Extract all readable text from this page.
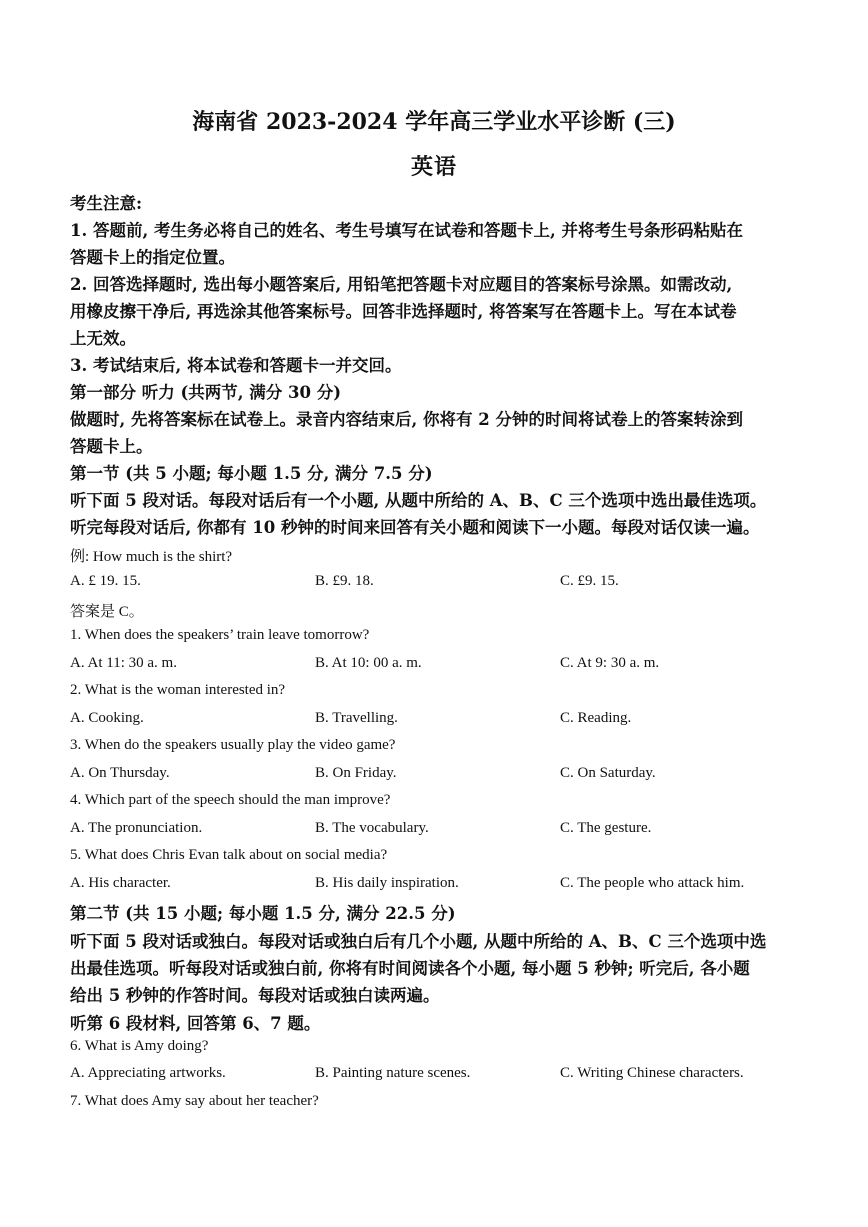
海南省 2023-2024 学年高三学业水平诊断 (三)
英语
考生注意:
1. 答题前, 考生务必将自己的姓名、考生号填写在试卷和答题卡上, 并将考生号条形码粘贴在
答题卡上的指定位置。
2. 回答选择题时, 选出每小题答案后, 用铅笔把答题卡对应题目的答案标号涂黑。如需改动,
用橡皮擦干净后, 再选涂其他答案标号。回答非选择题时, 将答案写在答题卡上。写在本试卷
上无效。
3. 考试结束后, 将本试卷和答题卡一并交回。
第一部分 听力 (共两节, 满分 30 分)
做题时, 先将答案标在试卷上。录音内容结束后, 你将有 2 分钟的时间将试卷上的答案转涂到
答题卡上。
第一节 (共 5 小题; 每小题 1.5 分, 满分 7.5 分)
听下面 5 段对话。每段对话后有一个小题, 从题中所给的 A、B、C 三个选项中选出最佳选项。
听完每段对话后, 你都有 10 秒钟的时间来回答有关小题和阅读下一小题。每段对话仅读一遍。
例: How much is the shirt?
A. £ 19. 15.	B. £9. 18.	C. £9. 15.
答案是 C。
1. When does the speakers’ train leave tomorrow?
A. At 11: 30 a. m.	B. At 10: 00 a. m.	C. At 9: 30 a. m.
2. What is the woman interested in?
A. Cooking.	B. Travelling.	C. Reading.
3. When do the speakers usually play the video game?
A. On Thursday.	B. On Friday.	C. On Saturday.
4. Which part of the speech should the man improve?
A. The pronunciation.	B. The vocabulary.	C. The gesture.
5. What does Chris Evan talk about on social media?
A. His character.	B. His daily inspiration.	C. The people who attack him.
第二节 (共 15 小题; 每小题 1.5 分, 满分 22.5 分)
听下面 5 段对话或独白。每段对话或独白后有几个小题, 从题中所给的 A、B、C 三个选项中选
出最佳选项。听每段对话或独白前, 你将有时间阅读各个小题, 每小题 5 秒钟; 听完后, 各小题
给出 5 秒钟的作答时间。每段对话或独白读两遍。
听第 6 段材料, 回答第 6、7 题。
6. What is Amy doing?
A. Appreciating artworks.	B. Painting nature scenes.	C. Writing Chinese characters.
7. What does Amy say about her teacher?
